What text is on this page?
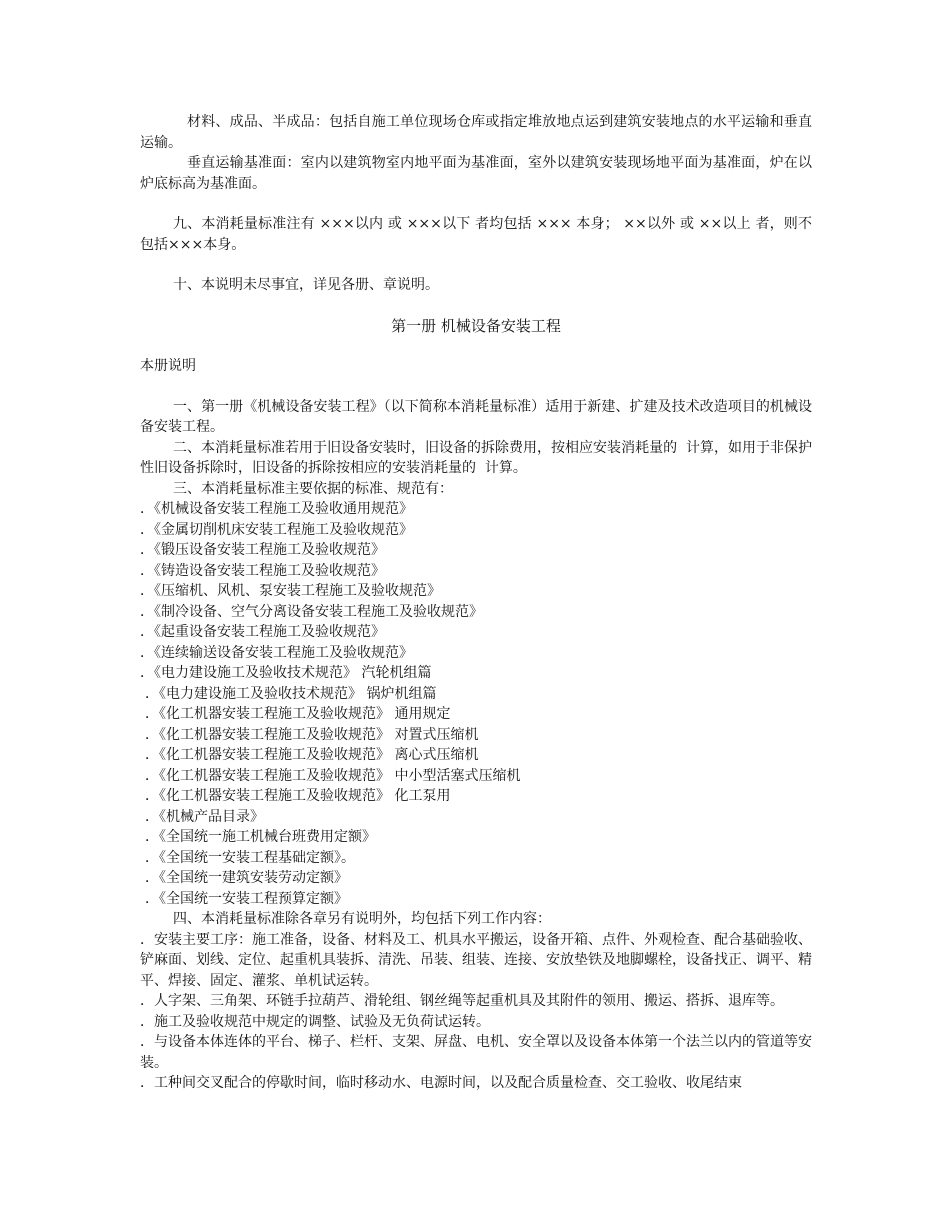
材料、成品、半成品：包括自施工单位现场仓库或指定堆放地点运到建筑安装地点的水平运输和垂直运输。

垂直运输基准面：室内以建筑物室内地平面为基准面，室外以建筑安装现场地平面为基准面，炉在以炉底标高为基准面。

九、本消耗量标准注有 ×××以内 或 ×××以下 者均包括 ××× 本身； ××以外 或 ××以上 者，则不包括×××本身。

十、本说明未尽事宜，详见各册、章说明。

第一册 机械设备安装工程

本册说明

一、第一册《机械设备安装工程》（以下简称本消耗量标准）适用于新建、扩建及技术改造项目的机械设备安装工程。

二、本消耗量标准若用于旧设备安装时，旧设备的拆除费用，按相应安装消耗量的  计算，如用于非保护性旧设备拆除时，旧设备的拆除按相应的安装消耗量的  计算。

三、本消耗量标准主要依据的标准、规范有：

．《机械设备安装工程施工及验收通用规范》

．《金属切削机床安装工程施工及验收规范》

．《锻压设备安装工程施工及验收规范》

．《铸造设备安装工程施工及验收规范》

．《压缩机、风机、泵安装工程施工及验收规范》

．《制冷设备、空气分离设备安装工程施工及验收规范》

．《起重设备安装工程施工及验收规范》

．《连续输送设备安装工程施工及验收规范》

．《电力建设施工及验收技术规范》 汽轮机组篇

．《电力建设施工及验收技术规范》 锅炉机组篇

．《化工机器安装工程施工及验收规范》 通用规定

．《化工机器安装工程施工及验收规范》 对置式压缩机

．《化工机器安装工程施工及验收规范》 离心式压缩机

．《化工机器安装工程施工及验收规范》 中小型活塞式压缩机

．《化工机器安装工程施工及验收规范》 化工泵用

．《机械产品目录》

．《全国统一施工机械台班费用定额》

．《全国统一安装工程基础定额》。

．《全国统一建筑安装劳动定额》

．《全国统一安装工程预算定额》

四、本消耗量标准除各章另有说明外，均包括下列工作内容：

．安装主要工序：施工准备，设备、材料及工、机具水平搬运，设备开箱、点件、外观检查、配合基础验收、铲麻面、划线、定位、起重机具装拆、清洗、吊装、组装、连接、安放垫铁及地脚螺栓，设备找正、调平、精平、焊接、固定、灌浆、单机试运转。

．人字架、三角架、环链手拉葫芦、滑轮组、钢丝绳等起重机具及其附件的领用、搬运、搭拆、退库等。

．施工及验收规范中规定的调整、试验及无负荷试运转。

．与设备本体连体的平台、梯子、栏杆、支架、屏盘、电机、安全罩以及设备本体第一个法兰以内的管道等安装。

．工种间交叉配合的停歇时间，临时移动水、电源时间，以及配合质量检查、交工验收、收尾结束
